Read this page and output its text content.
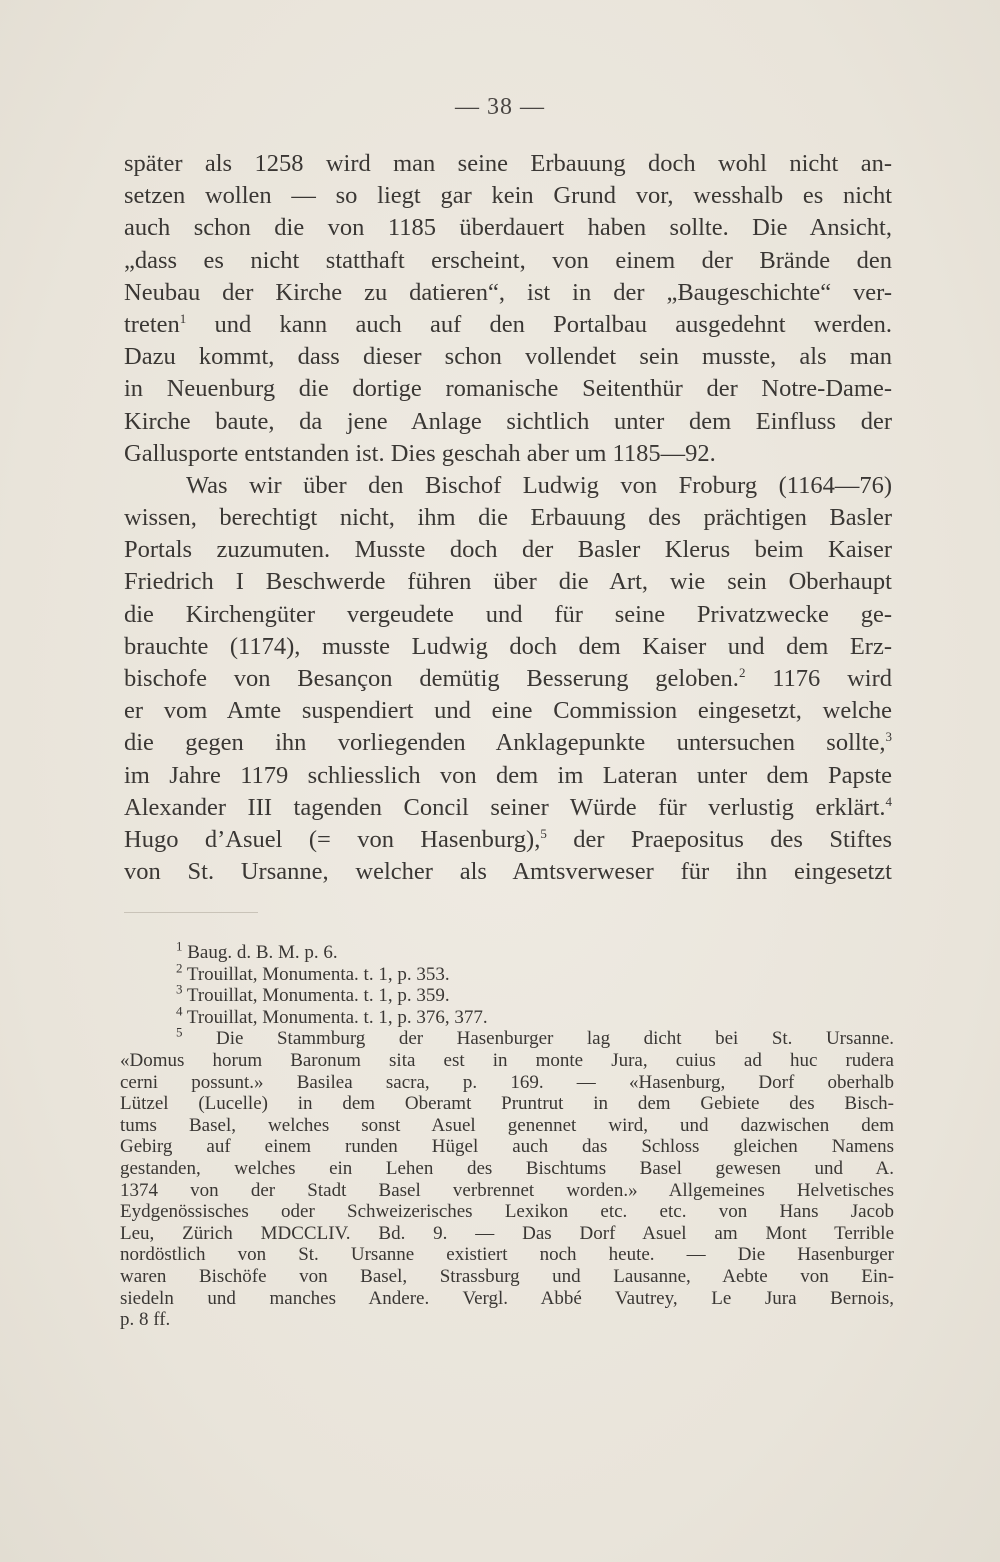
— 38 —
später als 1258 wird man seine Erbauung doch wohl nicht an-
setzen wollen — so liegt gar kein Grund vor, wesshalb es nicht
auch schon die von 1185 überdauert haben sollte. Die Ansicht,
„dass es nicht statthaft erscheint, von einem der Brände den
Neubau der Kirche zu datieren“, ist in der „Baugeschichte“ ver-
treten$^1$ und kann auch auf den Portalbau ausgedehnt werden.
Dazu kommt, dass dieser schon vollendet sein musste, als man
in Neuenburg die dortige romanische Seitenthür der Notre-Dame-
Kirche baute, da jene Anlage sichtlich unter dem Einfluss der
Gallusporte entstanden ist. Dies geschah aber um 1185—92.
Was wir über den Bischof Ludwig von Froburg (1164—76)
wissen, berechtigt nicht, ihm die Erbauung des prächtigen Basler
Portals zuzumuten. Musste doch der Basler Klerus beim Kaiser
Friedrich I Beschwerde führen über die Art, wie sein Oberhaupt
die Kirchengüter vergeudete und für seine Privatzwecke ge-
brauchte (1174), musste Ludwig doch dem Kaiser und dem Erz-
bischofe von Besançon demütig Besserung geloben.$^2$ 1176 wird
er vom Amte suspendiert und eine Commission eingesetzt, welche
die gegen ihn vorliegenden Anklagepunkte untersuchen sollte,$^3$
im Jahre 1179 schliesslich von dem im Lateran unter dem Papste
Alexander III tagenden Concil seiner Würde für verlustig erklärt.$^4$
Hugo d’Asuel (= von Hasenburg),$^5$ der Praepositus des Stiftes
von St. Ursanne, welcher als Amtsverweser für ihn eingesetzt
$^1$ Baug. d. B. M. p. 6.
$^2$ Trouillat, Monumenta. t. 1, p. 353.
$^3$ Trouillat, Monumenta. t. 1, p. 359.
$^4$ Trouillat, Monumenta. t. 1, p. 376, 377.
$^5$ Die Stammburg der Hasenburger lag dicht bei St. Ursanne.
«Domus horum Baronum sita est in monte Jura, cuius ad huc rudera
cerni possunt.» Basilea sacra, p. 169. — «Hasenburg, Dorf oberhalb
Lützel (Lucelle) in dem Oberamt Pruntrut in dem Gebiete des Bisch-
tums Basel, welches sonst Asuel genennet wird, und dazwischen dem
Gebirg auf einem runden Hügel auch das Schloss gleichen Namens
gestanden, welches ein Lehen des Bischtums Basel gewesen und A.
1374 von der Stadt Basel verbrennet worden.» Allgemeines Helvetisches
Eydgenössisches oder Schweizerisches Lexikon etc. etc. von Hans Jacob
Leu, Zürich MDCCLIV. Bd. 9. — Das Dorf Asuel am Mont Terrible
nordöstlich von St. Ursanne existiert noch heute. — Die Hasenburger
waren Bischöfe von Basel, Strassburg und Lausanne, Aebte von Ein-
siedeln und manches Andere. Vergl. Abbé Vautrey, Le Jura Bernois,
p. 8 ff.
